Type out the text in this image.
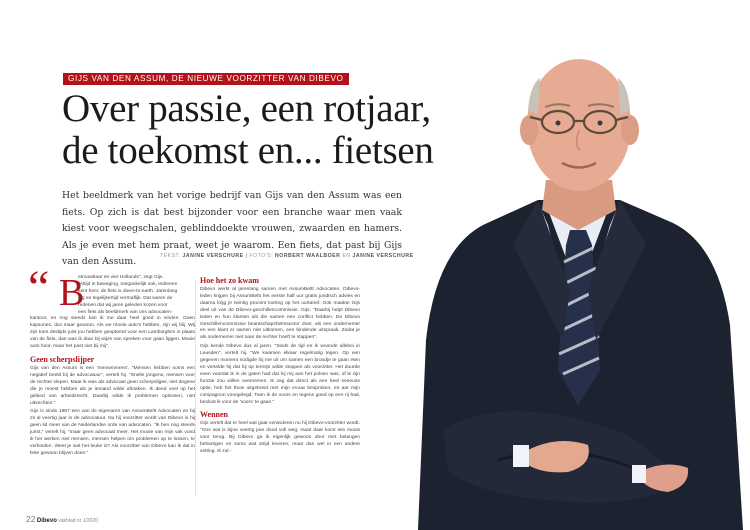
GIJS VAN DEN ASSUM, DE NIEUWE VOORZITTER VAN DIBEVO
Over passie, een rotjaar,
de toekomst en... fietsen
Het beeldmerk van het vorige bedrijf van Gijs van den Assum was een fiets. Op zich is dat best bijzonder voor een branche waar men vaak kiest voor weegschalen, geblinddoekte vrouwen, zwaarden en hamers. Als je even met hem praat, weet je waarom. Een fiets, dat past bij Gijs van den Assum.
TEKST: JANINE VERSCHURE | FOTO'S: NORBERT WAALBOER EN JANINE VERSCHURE
“ B

etrouwbaar en vier Hollands", zegt Gijs.
"Altijd in beweging, toegankelijk ook, iedereen
kent hem; de fiets is down-to-earth. Jarenlang
dig en tegelijkertijd vermaflijk. Dat waren de
redenen dat wij jaren geleden kozen voor
een fiets als beeldmerk van ons advocaten-
kantoor, en nog steeds kan ik me daar heel goed in vinden. Geen kapsones, dus maar gewoon. Als we mooie auto's hebben, zijn wij blij. Wij zijn toen destijds juist jou hebben geopteerd voor een Lamborghini in plaats van de fiets, dan was ik daar bij wijze van spreken voor gaan liggen. Mooie auto hoor, maar het past niet bij mij".

Geen scherpslijper

Gijs van den Assum is een 'mensenmens'. "Mensen hebben soms een negatief beeld bij de advocatuur", vertelt hij. "Snelle jongens, mensen voor de rechter slepen. Maar ik was als advocaat geen scherpslijper, niet degene die je moest hebben als je iemand wilde afmaken. Ik deed veel op het gebied van arbeidsrecht. Daarbij wilde ik problemen oplossen, niet uitvechten."

Gijs is sinds 1987 een van de eigenaren van AssumBeltt Advocaten en bij zit al veertig jaar in de advocatuur. Nu hij voorzitter wordt van Dibevo is hij geen lid meer van de Nederlandse orde van advocaten. "Ik ben nog steeds jurist," vertelt hij, "maar geen advocaat meer. Het mooie van mijn vak vond ik het werken met mensen, mensen helpen om problemen op te lossen, te verbinden. Weet je wat het leuke is? Als voorzitter van Dibevo kan ik dat in feite gewoon blijven doen."

Hoe het zo kwam

Dibevo werkt al jarenlang samen met AssumBeltt Advocaten. Dibevo-leden krijgen bij AssumBeltt het eerste half uur gratis juridisch advies en daarna krijg je twintig procent korting op het uurtarief. Ook maakte Gijs deel uit van de Dibevo-geschillencommissie. Gijs: "Daarbij helpt Dibevo leden en hun klanten als die samen een conflict hebben. De Dibevo Geschillencommissie beantschapshelmsector doet, als een ondernemer en een klant er samen niet uitkomen, een bindende uitspraak. Zodat je als ondernemer niet naar de rechter hoeft te stappen".

Gijs kende Dibevo dus al jaren. "Sinds de tijd en ik woonde allebei in Leusden", vertelt hij. "We kwamen elkaar regelmatig tegen. Op een gegeven moment nodigde hij me uit om samen een broodje te gaan eten en vertelde hij dat hij op termijn wilde stoppen als voorzitter. Het duurde even voordat ik in de gaten had dat hij mij aan het polsen was, of ik zijn functie zou willen overnemen. Ik zag dat direct als een heel serieuze optie, heb het thuis uitgebreid met mijn vrouw besproken, en aar mijn compagnon voorgelegd. Toen ik de voors en tegens goed op een rij had, besloot ik voor de 'voors' te gaan."

Wennen

Gijs vertelt dat er heel wat gaat veranderen nu hij Dibevo-voorzitter wordt. "Ons wat is bijna veertig jaar dood voll weg, maar daar komt iets moois voor terug. Bij Dibevo ga ik eigenlijk gewoon door met belangen behartigen en soms wat strijd leveren, maar dan wel in een andere setting. Ik zal -

22 Dibevo vakblad nr 1/2020
